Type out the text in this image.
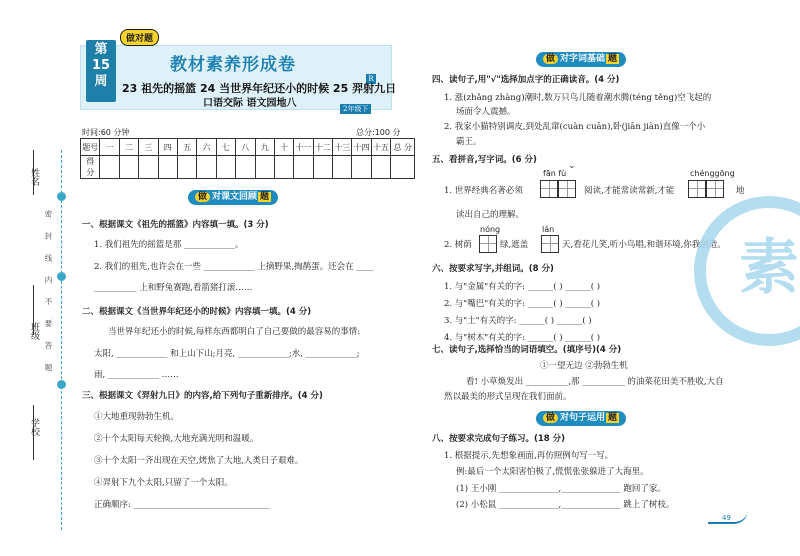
姓名
班级
学校
密 封 线 内 不 要 答 题
第
15
周
做对题
教材素养形成卷
R
23 祖先的摇篮 24 当世界年纪还小的时候 25 羿射九日
口语交际 语文园地八	2年级下
时间:60 分钟	总分:100 分
题号	一	二	三	四	五	六	七	八	九	十	十一	十二	十三	十四	十五	总 分
得 分																
做 对课文回顾 题
一、根据课文《祖先的摇篮》内容填一填。(3 分)
1. 我们祖先的摇篮是那 ____________。
2. 我们的祖先,也许会在一些 ____________ 上摘野果,掏鹊蛋。还会在 ____
__________ 上和野兔赛跑,看箭猪打滚……
二、根据课文《当世界年纪还小的时候》内容填一填。(4 分)
当世界年纪还小的时候,每样东西都明白了自己要做的最容易的事情:
太阳, ____________ 和上山下山;月亮, ____________;水, ____________;
雨, ____________ ……
三、根据课文《羿射九日》的内容,给下列句子重新排序。(4 分)
①大地重现勃勃生机。
②十个太阳每天轮换,大地充满光明和温暖。
③十个太阳一齐出现在天空,烤焦了大地,人类日子艰难。
④羿射下九个太阳,只留了一个太阳。
正确顺序: ________________________________
做 对字词基础 题
四、读句子,用"√"选择加点字的正确读音。(4 分)
1. 涨(zhǎng zhàng)潮时,数万只鸟儿随着潮水腾(téng těng)空飞起的
场面令人震撼。
2. 我家小猫特别调皮,到处乱窜(cuàn cuān),卧(jiān jiàn)直像一个小
霸王。
五、看拼音,写字词。(6 分)
⌄
fān fù	chénggōng
1. 世界经典名著必须	阅读,才能常读常新,才能	地
读出自己的理解。
nóng	lán
2. 树荫	绿,遮盖	天,看花儿笑,听小鸟唱,和谐环境,你我创造。
六、按要求写字,并组词。(8 分)
1. 与"金属"有关的字: ______( ) ______( )
2. 与"嘴巴"有关的字: ______( ) ______( )
3. 与"土"有关的字: ______( ) ______( )
4. 与"树木"有关的字: ______( ) ______( )
七、读句子,选择恰当的词语填空。(填序号)(4 分)
①一望无边 ②勃勃生机
看! 小草焕发出 __________,那 __________ 的油菜花田美不胜收,大自
然以最美的形式呈现在我们面前。
做 对句子运用 题
八、按要求完成句子练习。(18 分)
1. 根据提示,先想象画面,再仿照例句写一写。
例:最后一个太阳害怕极了,慌慌张张躲进了大海里。
(1) 王小刚 ______________,______________ 跑回了家。
(2) 小松鼠 ______________,______________ 跳上了树枝。
素
49
